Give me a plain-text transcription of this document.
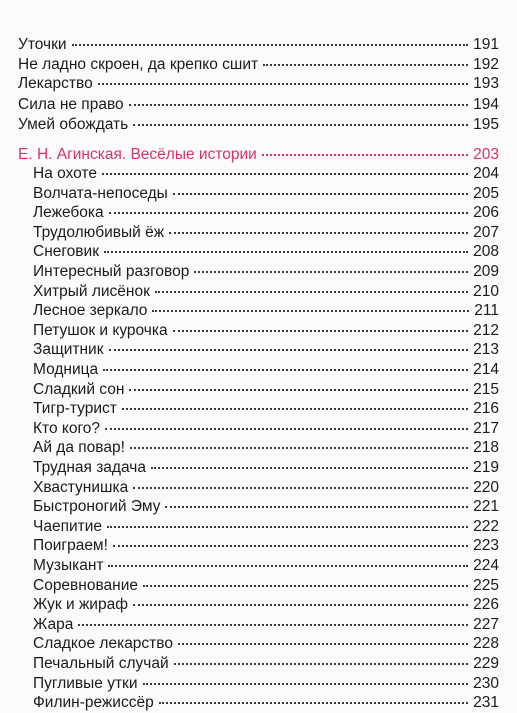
Уточки	191
Не ладно скроен, да крепко сшит	192
Лекарство	193
Сила не право	194
Умей обождать	195
Е. Н. Агинская. Весёлые истории	203
На охоте	204
Волчата-непоседы	205
Лежебока	206
Трудолюбивый ёж	207
Снеговик	208
Интересный разговор	209
Хитрый лисёнок	210
Лесное зеркало	211
Петушок и курочка	212
Защитник	213
Модница	214
Сладкий сон	215
Тигр-турист	216
Кто кого?	217
Ай да повар!	218
Трудная задача	219
Хвастунишка	220
Быстроногий Эму	221
Чаепитие	222
Поиграем!	223
Музыкант	224
Соревнование	225
Жук и жираф	226
Жара	227
Сладкое лекарство	228
Печальный случай	229
Пугливые утки	230
Филин-режиссёр	231
